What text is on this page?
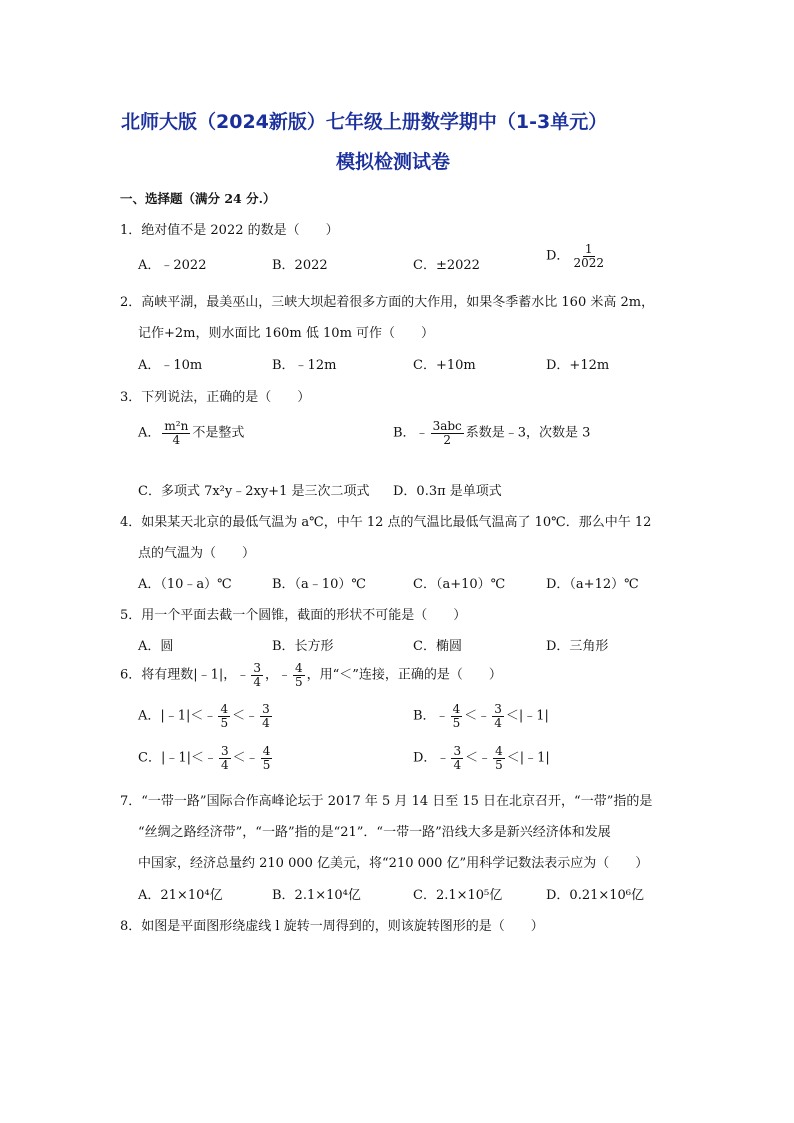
北师大版（2024新版）七年级上册数学期中（1-3单元）
模拟检测试卷
一、选择题（满分 24 分.）
1．绝对值不是 2022 的数是（　　）
A．﹣2022	B．2022	C．±2022
D． $\frac{1}{2022}$
2．高峡平湖，最美巫山，三峡大坝起着很多方面的大作用，如果冬季蓄水比 160 米高 2m，
记作+2m，则水面比 160m 低 10m 可作（　　）
A．﹣10m	B．﹣12m	C．+10m	D．+12m
3．下列说法，正确的是（　　）
A． $\frac{\text{m²n}}{4}$ 不是整式	B．﹣ $\frac{\text{3abc}}{2}$ 系数是﹣3，次数是 3
C．多项式 7x²y﹣2xy+1 是三次二项式 D．0.3π 是单项式
4．如果某天北京的最低气温为 a℃，中午 12 点的气温比最低气温高了 10℃．那么中午 12
点的气温为（　　）
A．（10﹣a）℃	B．（a﹣10）℃	C．（a+10）℃	D．（a+12）℃
5．用一个平面去截一个圆锥，截面的形状不可能是（　　）
A．圆	B．长方形	C．椭圆	D．三角形
6．将有理数|﹣1|，﹣ $\frac{3}{4}$ ，﹣ $\frac{4}{5}$ ，用“＜”连接，正确的是（　　）
A．|﹣1|＜﹣ $\frac{4}{5}$ ＜﹣ $\frac{3}{4}$	B．﹣ $\frac{4}{5}$ ＜﹣ $\frac{3}{4}$ ＜|﹣1|
C．|﹣1|＜﹣ $\frac{3}{4}$ ＜﹣ $\frac{4}{5}$	D．﹣ $\frac{3}{4}$ ＜﹣ $\frac{4}{5}$ ＜|﹣1|
7．“一带一路”国际合作高峰论坛于 2017 年 5 月 14 日至 15 日在北京召开，“一带”指的是
“丝绸之路经济带”，“一路”指的是“21”．“一带一路”沿线大多是新兴经济体和发展
中国家，经济总量约 210 000 亿美元，将“210 000 亿”用科学记数法表示应为（　　）
A．21×10⁴亿	B．2.1×10⁴亿	C．2.1×10⁵亿	D．0.21×10⁶亿
8．如图是平面图形绕虚线 l 旋转一周得到的，则该旋转图形的是（　　）
